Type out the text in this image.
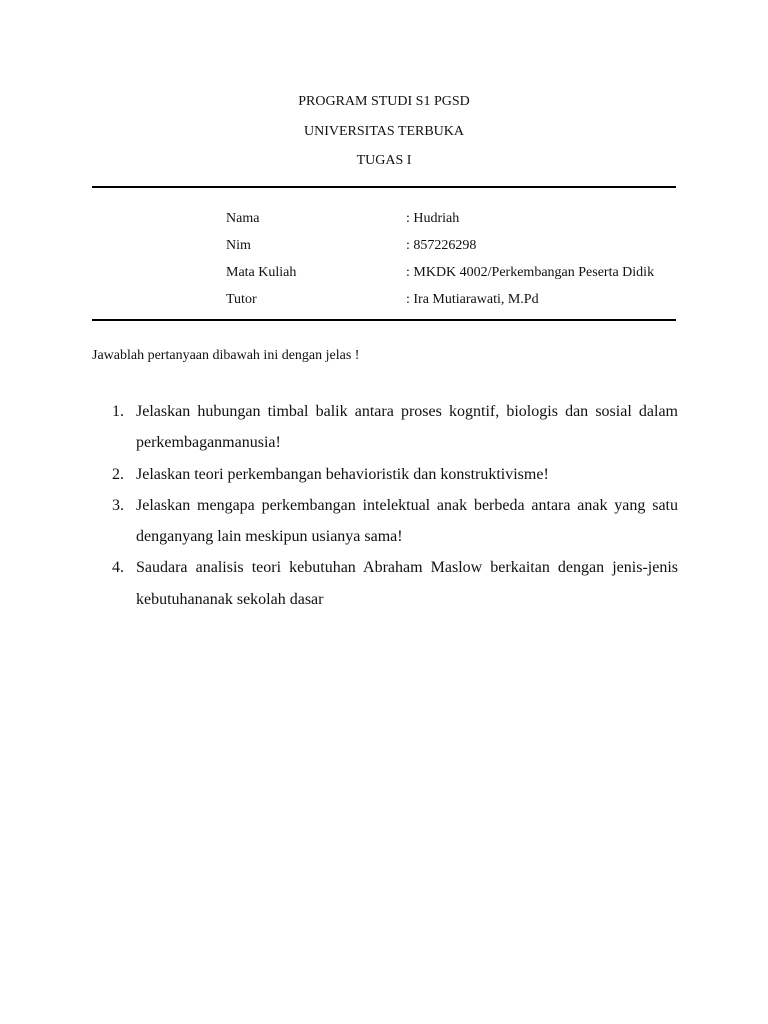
PROGRAM STUDI S1 PGSD
UNIVERSITAS TERBUKA
TUGAS I
Nama	: Hudriah
Nim	: 857226298
Mata Kuliah	: MKDK 4002/Perkembangan Peserta Didik
Tutor	: Ira Mutiarawati, M.Pd
Jawablah pertanyaan dibawah ini dengan jelas !
1. Jelaskan hubungan timbal balik antara proses kogntif, biologis dan sosial dalam perkembaganmanusia!
2. Jelaskan teori perkembangan behavioristik dan konstruktivisme!
3. Jelaskan mengapa perkembangan intelektual anak berbeda antara anak yang satu denganyang lain meskipun usianya sama!
4. Saudara analisis teori kebutuhan Abraham Maslow berkaitan dengan jenis-jenis kebutuhananak sekolah dasar
